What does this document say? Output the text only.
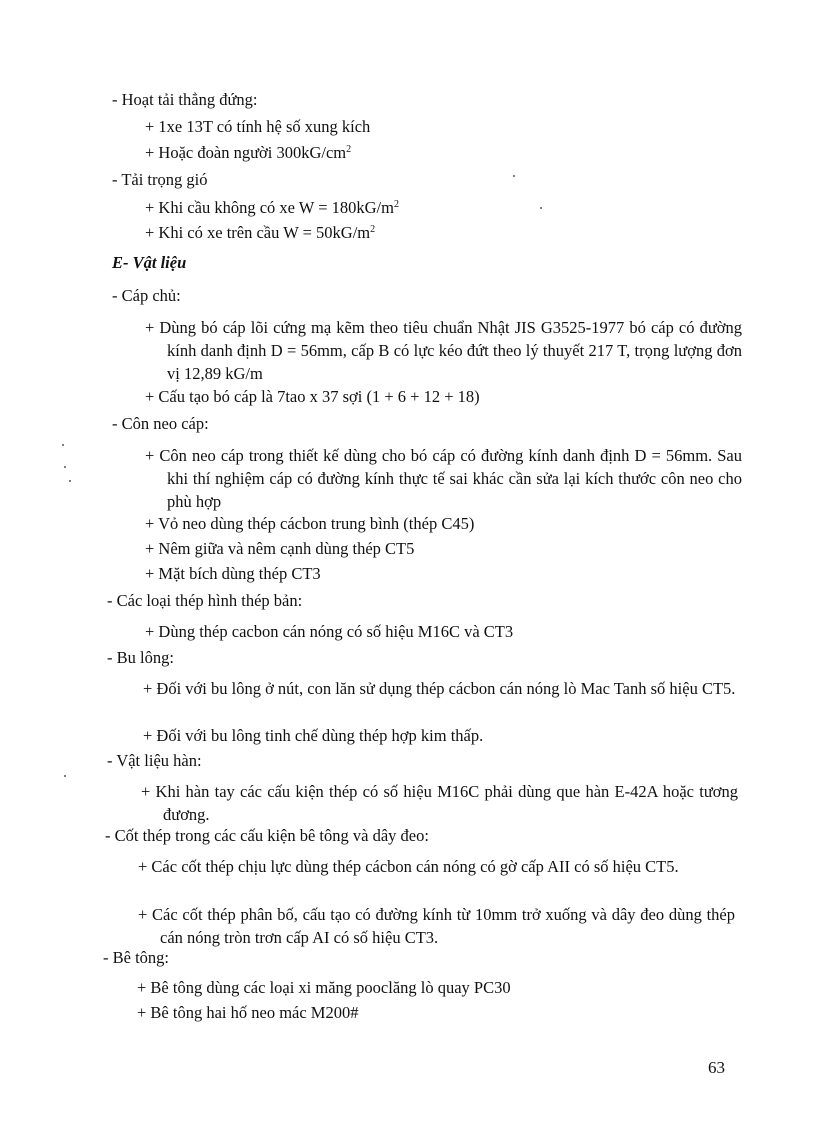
- Hoạt tải thẳng đứng:
+ 1xe 13T có tính hệ số xung kích
+ Hoặc đoàn người $300kG/cm^2$
- Tải trọng gió
+ Khi cầu không có xe $W = 180kG/m^2$
+ Khi có xe trên cầu $W = 50kG/m^2$
E- Vật liệu
- Cáp chủ:
+ Dùng bó cáp lõi cứng mạ kẽm theo tiêu chuẩn Nhật JIS G3525-1977 bó cáp có đường kính danh định D = 56mm, cấp B có lực kéo đứt theo lý thuyết 217 T, trọng lượng đơn vị 12,89 kG/m
+ Cấu tạo bó cáp là 7tao x 37 sợi (1 + 6 + 12 + 18)
- Côn neo cáp:
+ Côn neo cáp trong thiết kế dùng cho bó cáp có đường kính danh định D = 56mm. Sau khi thí nghiệm cáp có đường kính thực tế sai khác cần sửa lại kích thước côn neo cho phù hợp
+ Vỏ neo dùng thép cácbon trung bình (thép C45)
+ Nêm giữa và nêm cạnh dùng thép CT5
+ Mặt bích dùng thép CT3
- Các loại thép hình thép bản:
+ Dùng thép cacbon cán nóng có số hiệu M16C và CT3
- Bu lông:
+ Đối với bu lông ở nút, con lăn sử dụng thép cácbon cán nóng lò Mac Tanh số hiệu CT5.
+ Đối với bu lông tinh chế dùng thép hợp kim thấp.
- Vật liệu hàn:
+ Khi hàn tay các cấu kiện thép có số hiệu M16C phải dùng que hàn E-42A hoặc tương đương.
- Cốt thép trong các cấu kiện bê tông và dây đeo:
+ Các cốt thép chịu lực dùng thép cácbon cán nóng có gờ cấp AII có số hiệu CT5.
+ Các cốt thép phân bố, cấu tạo có đường kính từ 10mm trở xuống và dây đeo dùng thép cán nóng tròn trơn cấp AI có số hiệu CT3.
- Bê tông:
+ Bê tông dùng các loại xi măng pooclăng lò quay PC30
+ Bê tông hai hố neo mác M200#
63
